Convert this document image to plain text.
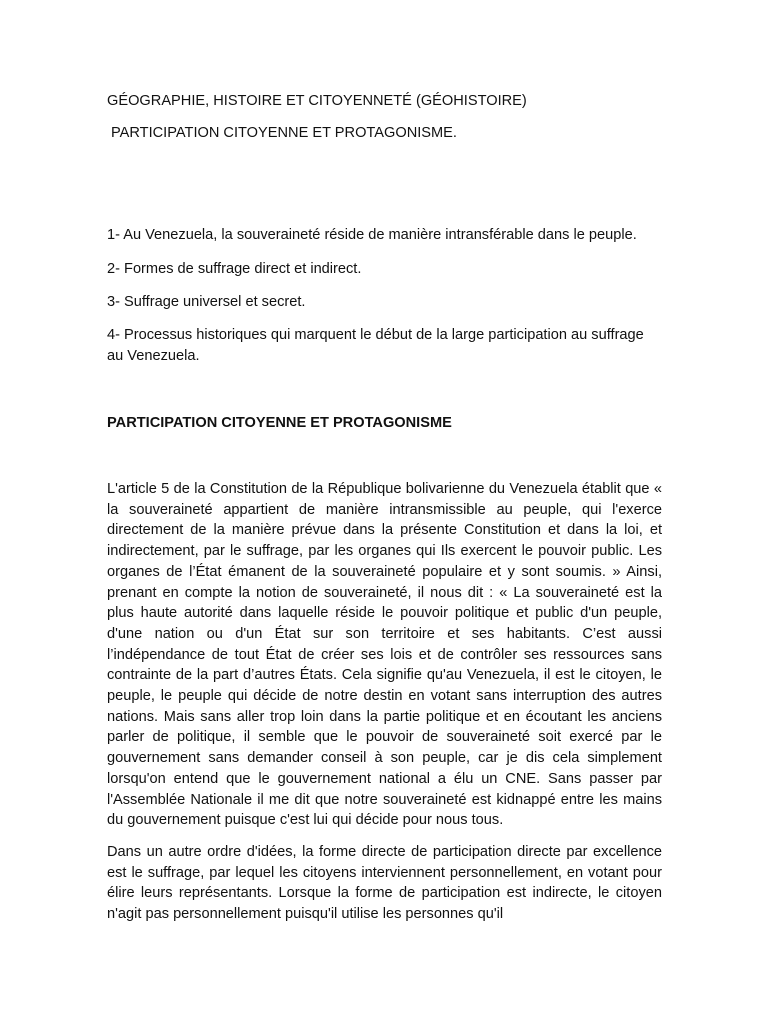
GÉOGRAPHIE, HISTOIRE ET CITOYENNETÉ (GÉOHISTOIRE)
PARTICIPATION CITOYENNE ET PROTAGONISME.
1- Au Venezuela, la souveraineté réside de manière intransférable dans le peuple.
2- Formes de suffrage direct et indirect.
3- Suffrage universel et secret.
4- Processus historiques qui marquent le début de la large participation au suffrage au Venezuela.
PARTICIPATION CITOYENNE ET PROTAGONISME
L'article 5 de la Constitution de la République bolivarienne du Venezuela établit que « la souveraineté appartient de manière intransmissible au peuple, qui l'exerce directement de la manière prévue dans la présente Constitution et dans la loi, et indirectement, par le suffrage, par les organes qui Ils exercent le pouvoir public. Les organes de l’État émanent de la souveraineté populaire et y sont soumis. » Ainsi, prenant en compte la notion de souveraineté, il nous dit : « La souveraineté est la plus haute autorité dans laquelle réside le pouvoir politique et public d'un peuple, d'une nation ou d'un État sur son territoire et ses habitants. C’est aussi l’indépendance de tout État de créer ses lois et de contrôler ses ressources sans contrainte de la part d’autres États. Cela signifie qu'au Venezuela, il est le citoyen, le peuple, le peuple qui décide de notre destin en votant sans interruption des autres nations. Mais sans aller trop loin dans la partie politique et en écoutant les anciens parler de politique, il semble que le pouvoir de souveraineté soit exercé par le gouvernement sans demander conseil à son peuple, car je dis cela simplement lorsqu'on entend que le gouvernement national a élu un CNE. Sans passer par l'Assemblée Nationale il me dit que notre souveraineté est kidnappé entre les mains du gouvernement puisque c'est lui qui décide pour nous tous.
Dans un autre ordre d'idées, la forme directe de participation directe par excellence est le suffrage, par lequel les citoyens interviennent personnellement, en votant pour élire leurs représentants. Lorsque la forme de participation est indirecte, le citoyen n'agit pas personnellement puisqu'il utilise les personnes qu'il
